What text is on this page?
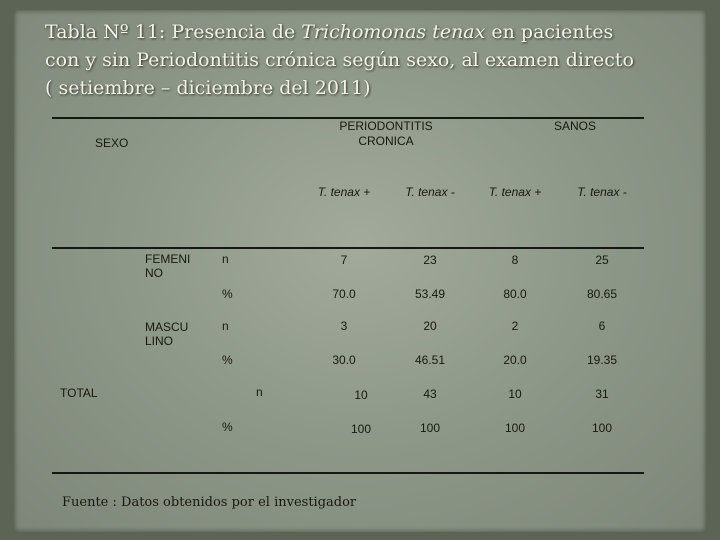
Tabla Nº 11: Presencia de Trichomonas tenax en pacientes
con y sin Periodontitis crónica según sexo, al examen directo
( setiembre – diciembre del 2011)
SEXO
PERIODONTITIS
CRONICA
SANOS
T. tenax +	T. tenax -	T. tenax +	T. tenax -
FEMENI
NO
n	7	23	8	25
%	70.0	53.49	80.0	80.65
MASCU
LINO
n	3	20	2	6
%	30.0	46.51	20.0	19.35
TOTAL	n	10	43	10	31
%	100	100	100	100

Fuente : Datos obtenidos por el investigador
